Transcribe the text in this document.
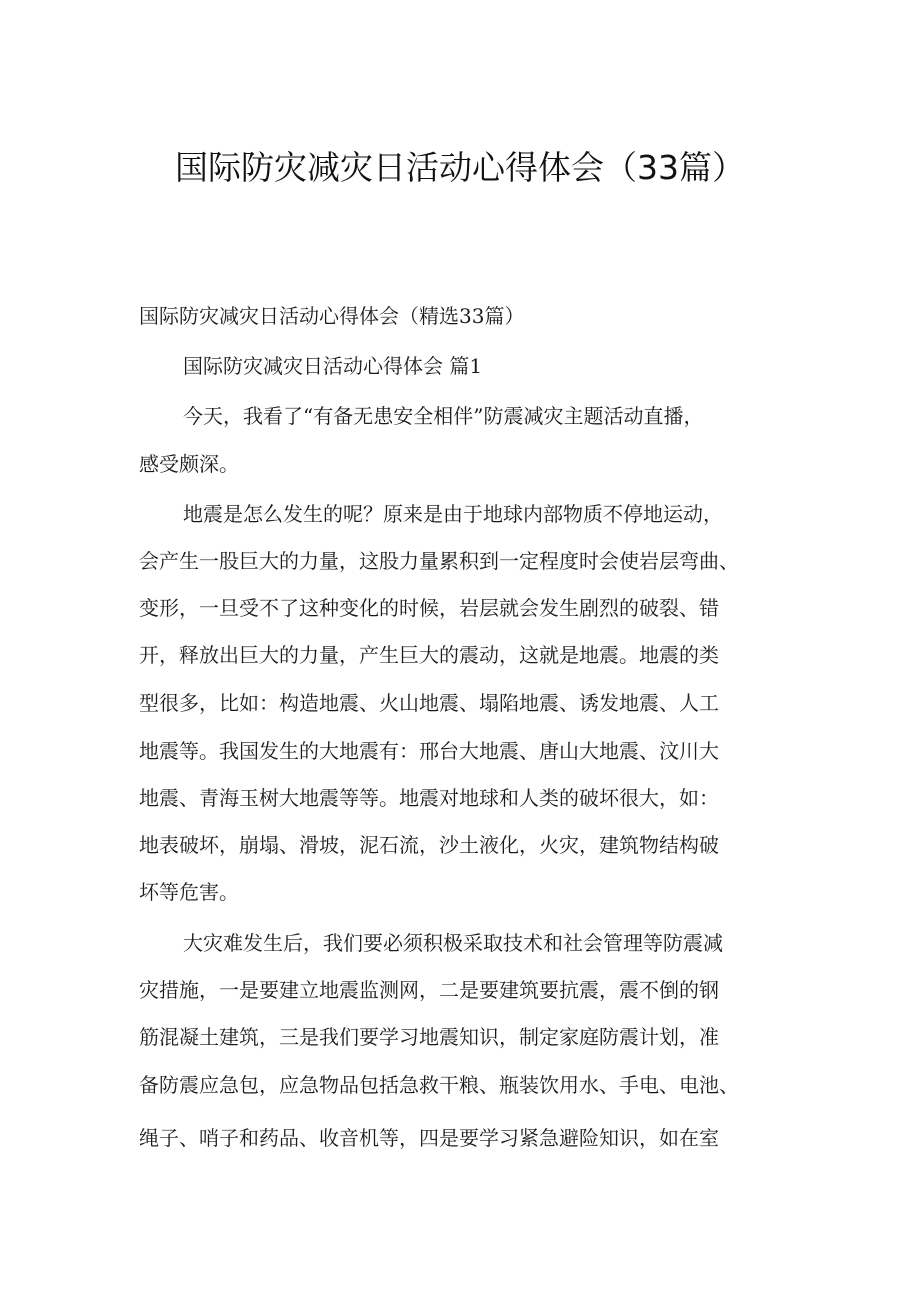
国际防灾减灾日活动心得体会（33篇）
国际防灾减灾日活动心得体会（精选33篇）
国际防灾减灾日活动心得体会 篇1
今天，我看了“有备无患安全相伴”防震减灾主题活动直播，
感受颇深。
地震是怎么发生的呢？原来是由于地球内部物质不停地运动，
会产生一股巨大的力量，这股力量累积到一定程度时会使岩层弯曲、
变形，一旦受不了这种变化的时候，岩层就会发生剧烈的破裂、错
开，释放出巨大的力量，产生巨大的震动，这就是地震。地震的类
型很多，比如：构造地震、火山地震、塌陷地震、诱发地震、人工
地震等。我国发生的大地震有：邢台大地震、唐山大地震、汶川大
地震、青海玉树大地震等等。地震对地球和人类的破坏很大，如：
地表破坏，崩塌、滑坡，泥石流，沙土液化，火灾，建筑物结构破
坏等危害。
大灾难发生后，我们要必须积极采取技术和社会管理等防震减
灾措施，一是要建立地震监测网，二是要建筑要抗震，震不倒的钢
筋混凝土建筑，三是我们要学习地震知识，制定家庭防震计划，准
备防震应急包，应急物品包括急救干粮、瓶装饮用水、手电、电池、
绳子、哨子和药品、收音机等，四是要学习紧急避险知识，如在室
